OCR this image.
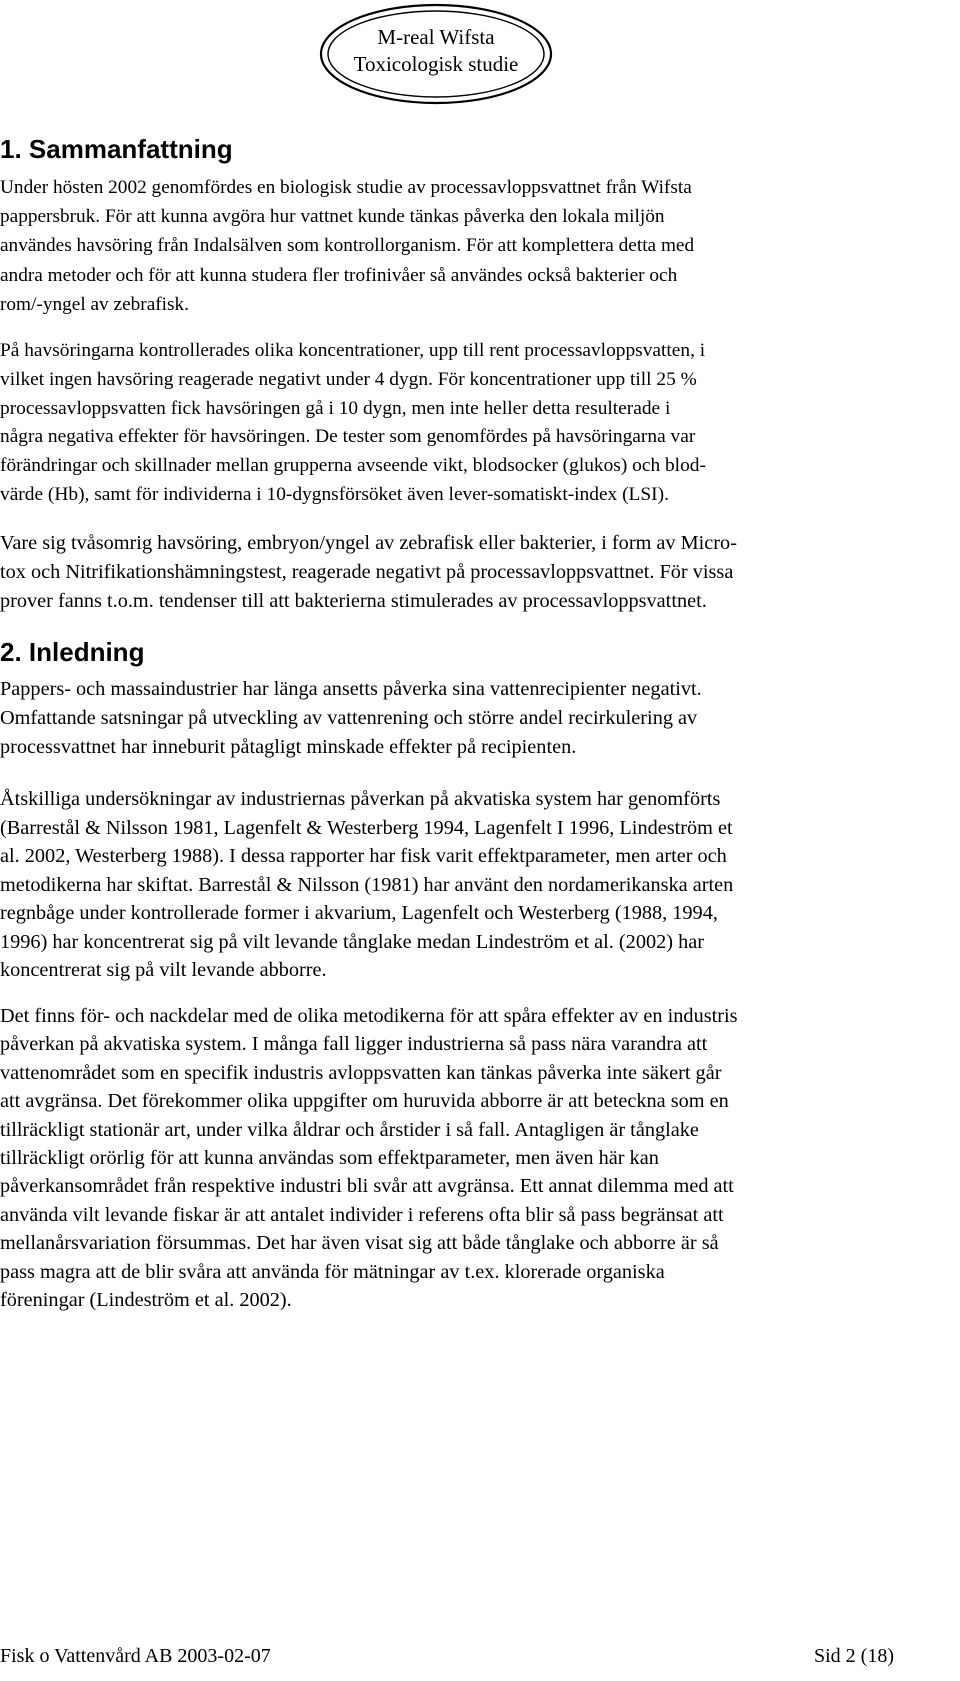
M-real Wifsta
Toxicologisk studie
1. Sammanfattning

Under hösten 2002 genomfördes en biologisk studie av processavloppsvattnet från Wifsta
pappersbruk. För att kunna avgöra hur vattnet kunde tänkas påverka den lokala miljön
användes havsöring från Indalsälven som kontrollorganism. För att komplettera detta med
andra metoder och för att kunna studera fler trofinivåer så användes också bakterier och
rom/-yngel av zebrafisk.

På havsöringarna kontrollerades olika koncentrationer, upp till rent processavloppsvatten, i
vilket ingen havsöring reagerade negativt under 4 dygn. För koncentrationer upp till 25 %
processavloppsvatten fick havsöringen gå i 10 dygn, men inte heller detta resulterade i
några negativa effekter för havsöringen. De tester som genomfördes på havsöringarna var
förändringar och skillnader mellan grupperna avseende vikt, blodsocker (glukos) och blod-
värde (Hb), samt för individerna i 10-dygnsförsöket även lever-somatiskt-index (LSI).

Vare sig tvåsomrig havsöring, embryon/yngel av zebrafisk eller bakterier, i form av Micro-
tox och Nitrifikationshämningstest, reagerade negativt på processavloppsvattnet. För vissa
prover fanns t.o.m. tendenser till att bakterierna stimulerades av processavloppsvattnet.

2. Inledning

Pappers- och massaindustrier har länga ansetts påverka sina vattenrecipienter negativt.
Omfattande satsningar på utveckling av vattenrening och större andel recirkulering av
processvattnet har inneburit påtagligt minskade effekter på recipienten.

Åtskilliga undersökningar av industriernas påverkan på akvatiska system har genomförts
(Barrestål & Nilsson 1981, Lagenfelt & Westerberg 1994, Lagenfelt I 1996, Lindeström et
al. 2002, Westerberg 1988). I dessa rapporter har fisk varit effektparameter, men arter och
metodikerna har skiftat. Barrestål & Nilsson (1981) har använt den nordamerikanska arten
regnbåge under kontrollerade former i akvarium, Lagenfelt och Westerberg (1988, 1994,
1996) har koncentrerat sig på vilt levande tånglake medan Lindeström et al. (2002) har
koncentrerat sig på vilt levande abborre.

Det finns för- och nackdelar med de olika metodikerna för att spåra effekter av en industris
påverkan på akvatiska system. I många fall ligger industrierna så pass nära varandra att
vattenområdet som en specifik industris avloppsvatten kan tänkas påverka inte säkert går
att avgränsa. Det förekommer olika uppgifter om huruvida abborre är att beteckna som en
tillräckligt stationär art, under vilka åldrar och årstider i så fall. Antagligen är tånglake
tillräckligt orörlig för att kunna användas som effektparameter, men även här kan
påverkansområdet från respektive industri bli svår att avgränsa. Ett annat dilemma med att
använda vilt levande fiskar är att antalet individer i referens ofta blir så pass begränsat att
mellanårsvariation försummas. Det har även visat sig att både tånglake och abborre är så
pass magra att de blir svåra att använda för mätningar av t.ex. klorerade organiska
föreningar (Lindeström et al. 2002).

Fisk o Vattenvård AB 2003-02-07	Sid 2 (18)
